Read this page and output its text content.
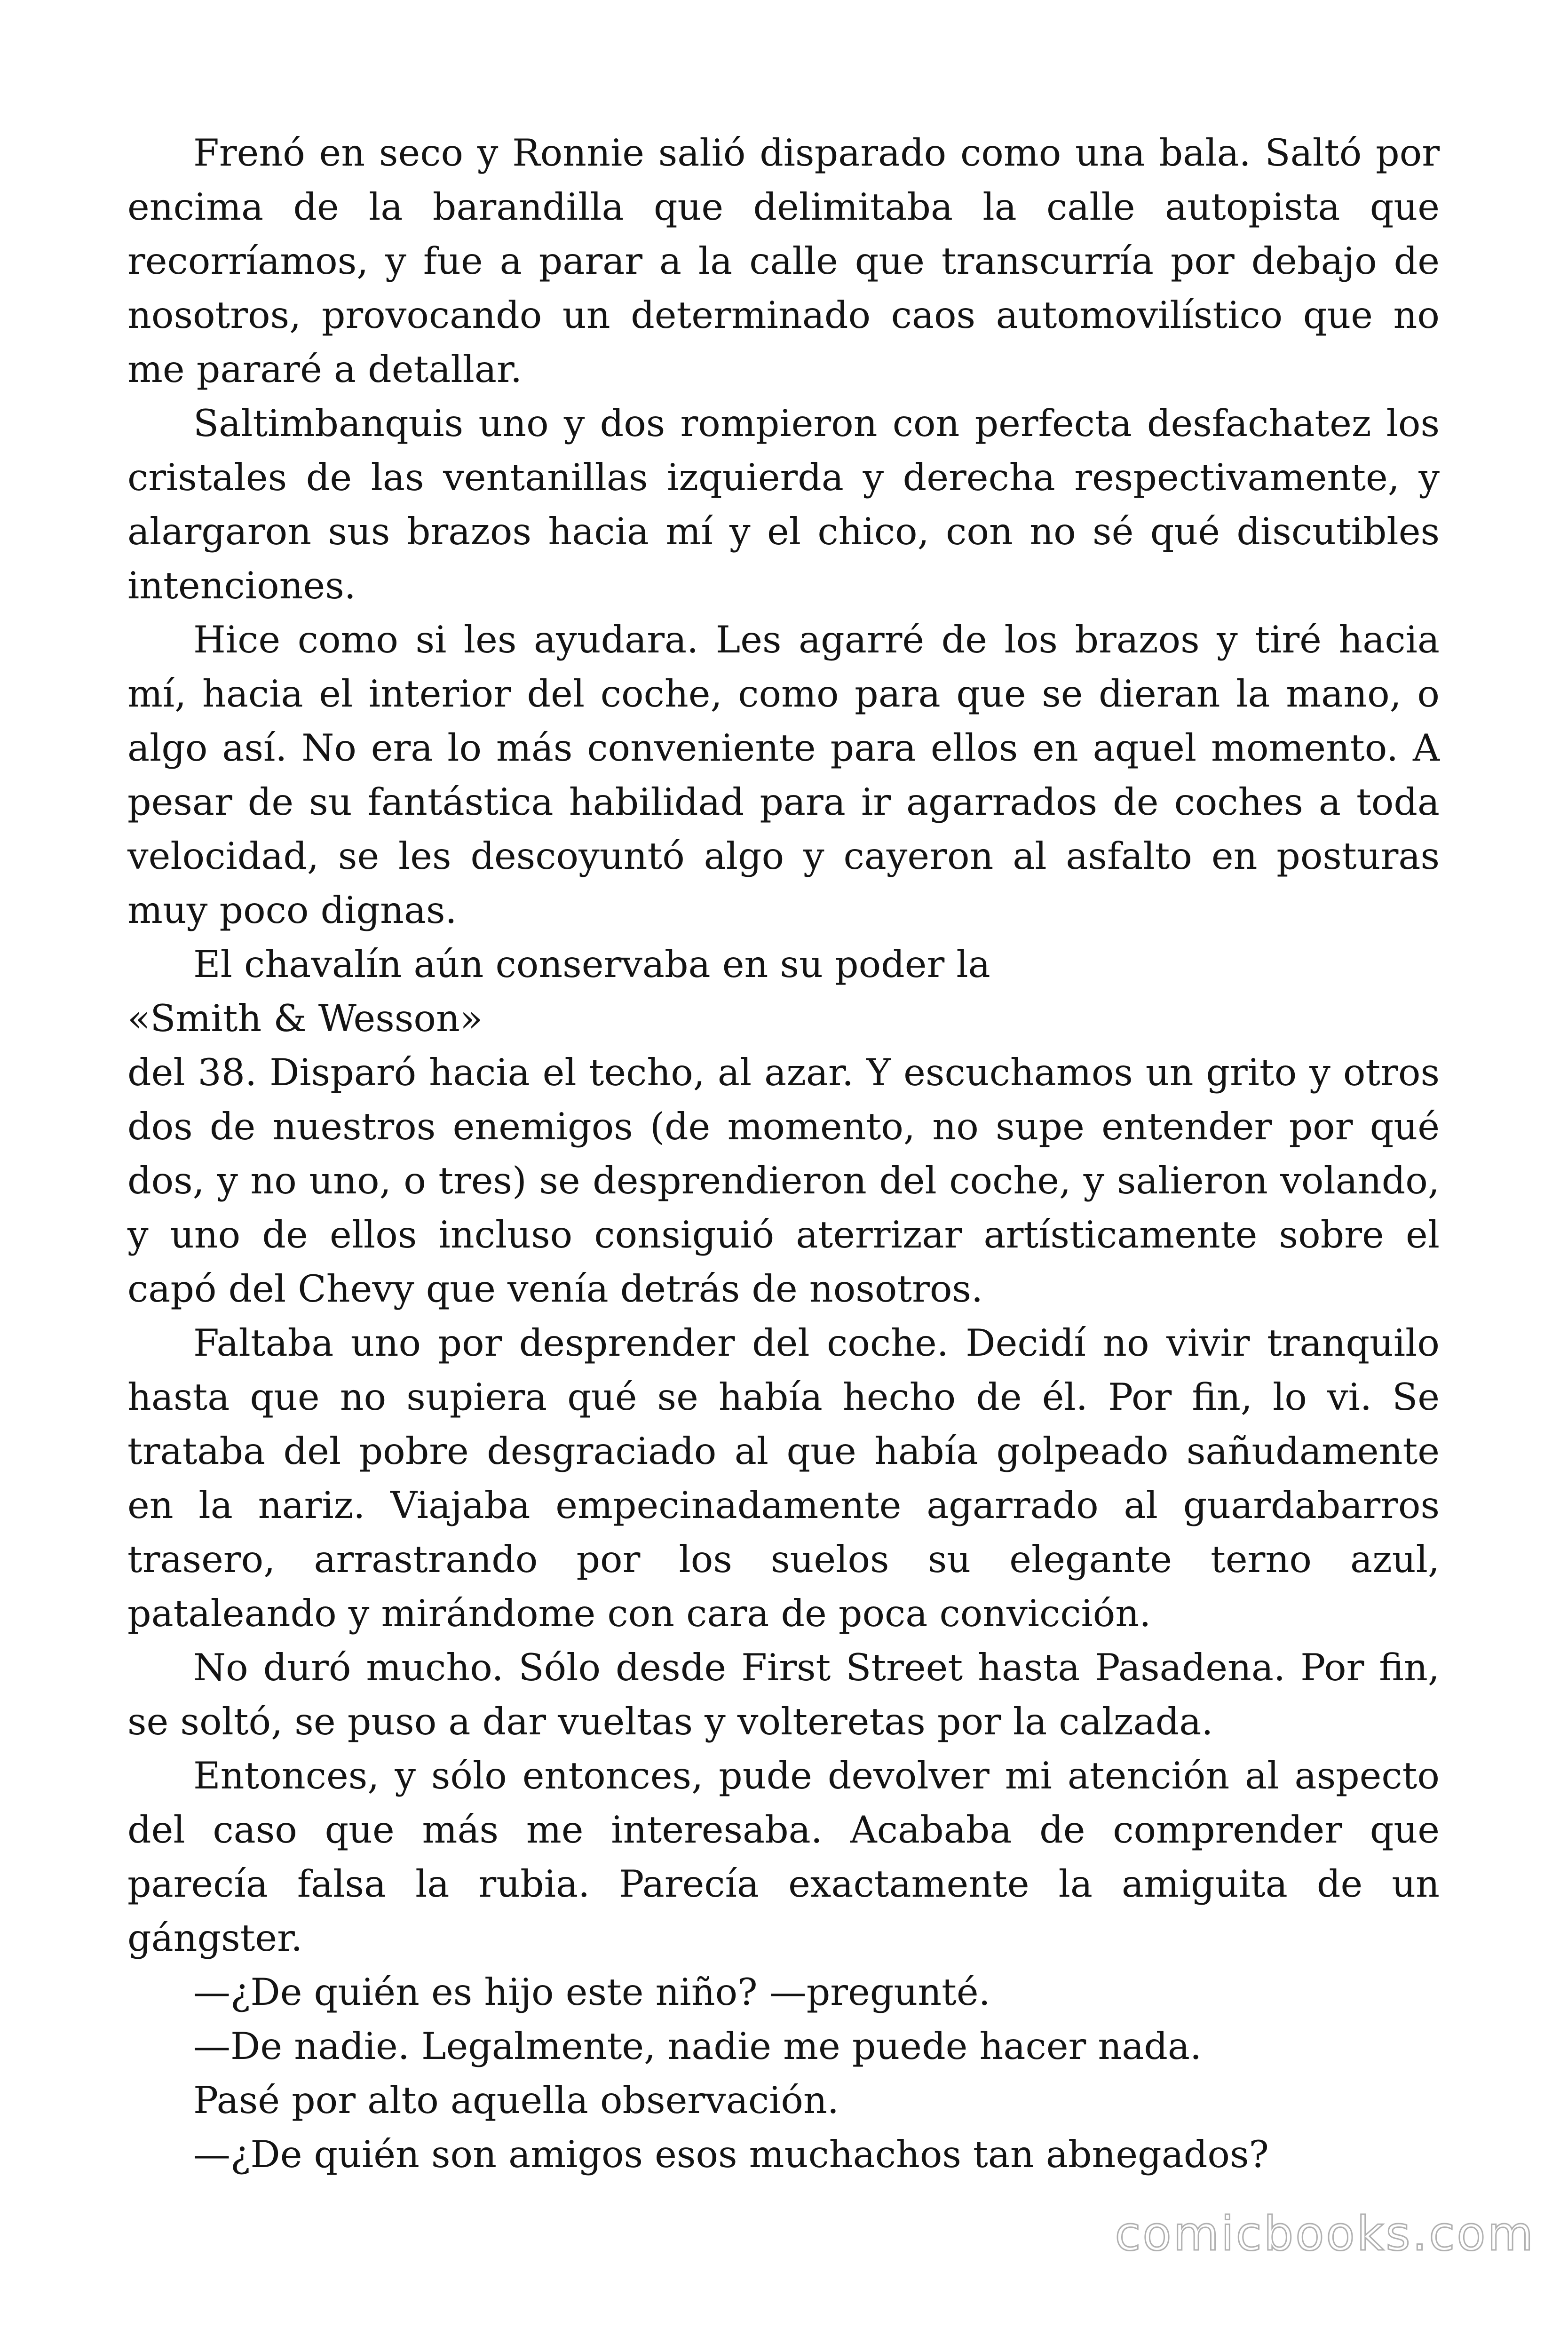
Frenó en seco y Ronnie salió disparado como una bala. Saltó por encima de la barandilla que delimitaba la calle autopista que recorríamos, y fue a parar a la calle que transcurría por debajo de nosotros, provocando un determinado caos automovilístico que no me pararé a detallar.

Saltimbanquis uno y dos rompieron con perfecta desfachatez los cristales de las ventanillas izquierda y derecha respectivamente, y alargaron sus brazos hacia mí y el chico, con no sé qué discutibles intenciones.

Hice como si les ayudara. Les agarré de los brazos y tiré hacia mí, hacia el interior del coche, como para que se dieran la mano, o algo así. No era lo más conveniente para ellos en aquel momento. A pesar de su fantástica habilidad para ir agarrados de coches a toda velocidad, se les descoyuntó algo y cayeron al asfalto en posturas muy poco dignas.

El chavalín aún conservaba en su poder la

«Smith & Wesson»

del 38. Disparó hacia el techo, al azar. Y escuchamos un grito y otros dos de nuestros enemigos (de momento, no supe entender por qué dos, y no uno, o tres) se desprendieron del coche, y salieron volando, y uno de ellos incluso consiguió aterrizar artísticamente sobre el capó del Chevy que venía detrás de nosotros.

Faltaba uno por desprender del coche. Decidí no vivir tranquilo hasta que no supiera qué se había hecho de él. Por fin, lo vi. Se trataba del pobre desgraciado al que había golpeado sañudamente en la nariz. Viajaba empecinadamente agarrado al guardabarros trasero, arrastrando por los suelos su elegante terno azul, pataleando y mirándome con cara de poca convicción.

No duró mucho. Sólo desde First Street hasta Pasadena. Por fin, se soltó, se puso a dar vueltas y volteretas por la calzada.

Entonces, y sólo entonces, pude devolver mi atención al aspecto del caso que más me interesaba. Acababa de comprender que parecía falsa la rubia. Parecía exactamente la amiguita de un gángster.

—¿De quién es hijo este niño? —pregunté.

—De nadie. Legalmente, nadie me puede hacer nada.

Pasé por alto aquella observación.

—¿De quién son amigos esos muchachos tan abnegados?

comicbooks.com
